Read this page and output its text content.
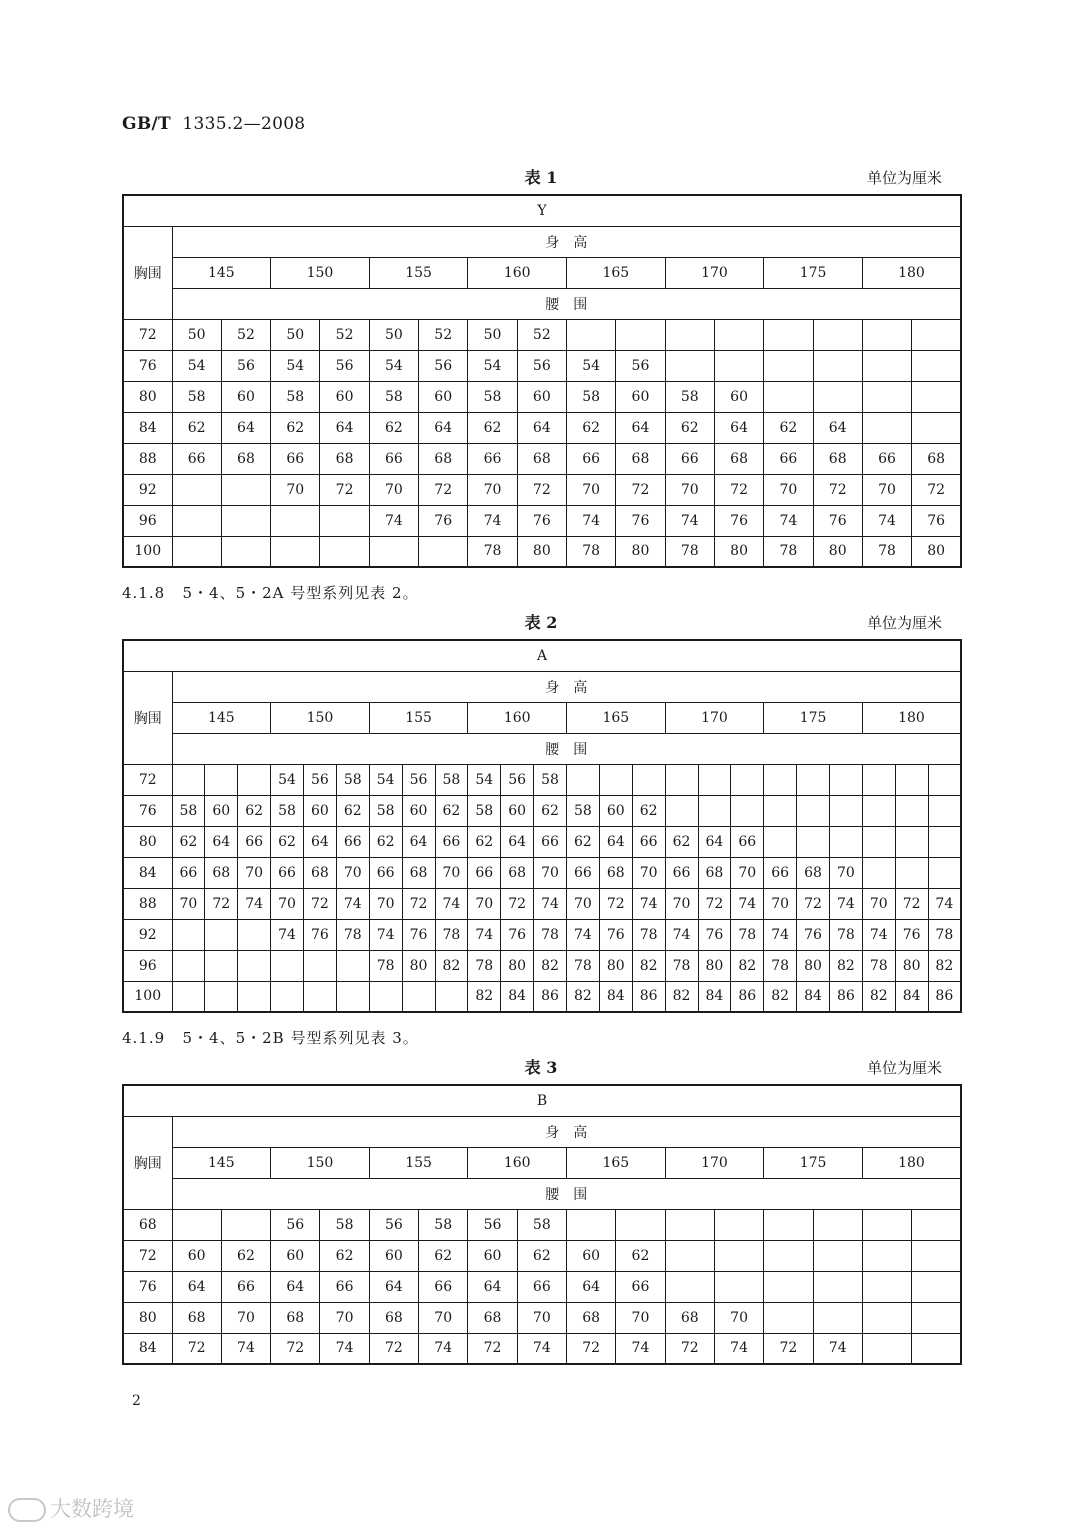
GB/T 1335.2—2008
表 1	单位为厘米
Y																
胸围	身　高															
	145		150		155		160		165		170		175		180	
	腰　围															
72	50	52	50	52	50	52	50	52								
76	54	56	54	56	54	56	54	56	54	56						
80	58	60	58	60	58	60	58	60	58	60	58	60				
84	62	64	62	64	62	64	62	64	62	64	62	64	62	64		
88	66	68	66	68	66	68	66	68	66	68	66	68	66	68	66	68
92			70	72	70	72	70	72	70	72	70	72	70	72	70	72
96					74	76	74	76	74	76	74	76	74	76	74	76
100							78	80	78	80	78	80	78	80	78	80
4.1.8 5・4、5・2A 号型系列见表 2。
表 2	单位为厘米
A																								
胸围	身　高																							
	145			150			155			160			165			170			175			180		
	腰　围																							
72				54	56	58	54	56	58	54	56	58												
76	58	60	62	58	60	62	58	60	62	58	60	62	58	60	62									
80	62	64	66	62	64	66	62	64	66	62	64	66	62	64	66	62	64	66						
84	66	68	70	66	68	70	66	68	70	66	68	70	66	68	70	66	68	70	66	68	70			
88	70	72	74	70	72	74	70	72	74	70	72	74	70	72	74	70	72	74	70	72	74	70	72	74
92				74	76	78	74	76	78	74	76	78	74	76	78	74	76	78	74	76	78	74	76	78
96							78	80	82	78	80	82	78	80	82	78	80	82	78	80	82	78	80	82
100										82	84	86	82	84	86	82	84	86	82	84	86	82	84	86
4.1.9 5・4、5・2B 号型系列见表 3。
表 3	单位为厘米
B																
胸围	身　高															
	145		150		155		160		165		170		175		180	
	腰　围															
68			56	58	56	58	56	58								
72	60	62	60	62	60	62	60	62	60	62						
76	64	66	64	66	64	66	64	66	64	66						
80	68	70	68	70	68	70	68	70	68	70	68	70				
84	72	74	72	74	72	74	72	74	72	74	72	74	72	74		
2
大数跨境
